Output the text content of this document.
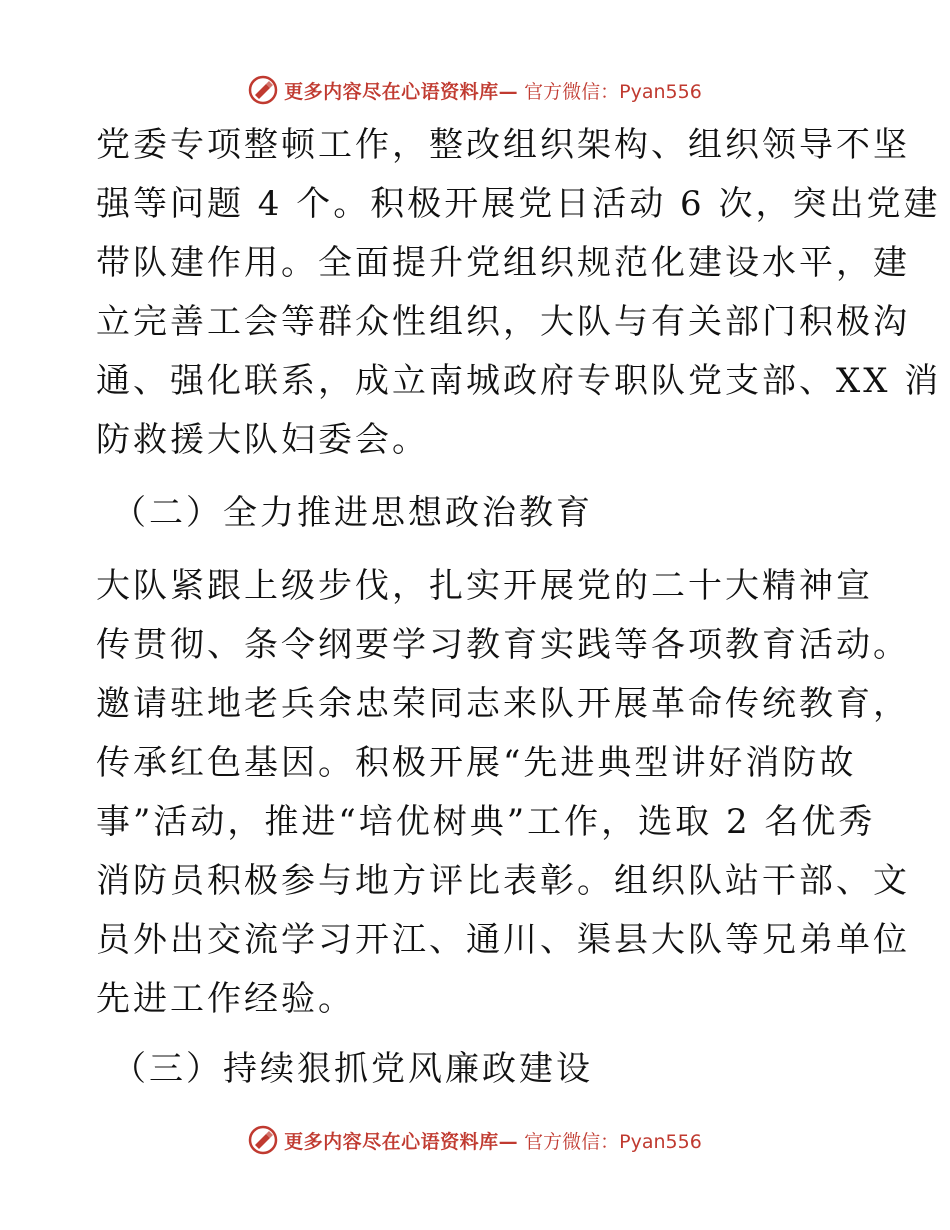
更多内容尽在心语资料库— 官方微信：Pyan556
党委专项整顿工作，整改组织架构、组织领导不坚
强等问题 4 个。积极开展党日活动 6 次，突出党建
带队建作用。全面提升党组织规范化建设水平，建
立完善工会等群众性组织，大队与有关部门积极沟
通、强化联系，成立南城政府专职队党支部、XX 消
防救援大队妇委会。
（二）全力推进思想政治教育
大队紧跟上级步伐，扎实开展党的二十大精神宣
传贯彻、条令纲要学习教育实践等各项教育活动。
邀请驻地老兵余忠荣同志来队开展革命传统教育，
传承红色基因。积极开展“先进典型讲好消防故
事”活动，推进“培优树典”工作，选取 2 名优秀
消防员积极参与地方评比表彰。组织队站干部、文
员外出交流学习开江、通川、渠县大队等兄弟单位
先进工作经验。
（三）持续狠抓党风廉政建设
更多内容尽在心语资料库— 官方微信：Pyan556
